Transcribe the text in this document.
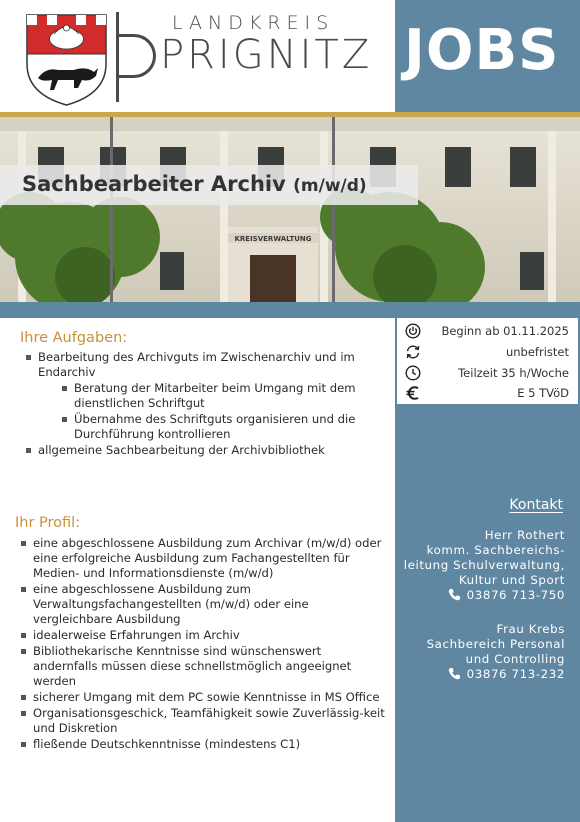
LANDKREIS
PRIGNITZ JOBS
KREISVERWALTUNG
Sachbearbeiter Archiv (m/w/d)
Beginn ab 01.11.2025
unbefristet
Teilzeit 35 h/Woche
E 5 TVöD
Ihre Aufgaben:
Bearbeitung des Archivguts im Zwischenarchiv und im Endarchiv
Beratung der Mitarbeiter beim Umgang mit dem dienstlichen Schriftgut
Übernahme des Schriftguts organisieren und die Durchführung kontrollieren
allgemeine Sachbearbeitung der Archivbibliothek
Ihr Profil:
eine abgeschlossene Ausbildung zum Archivar (m/w/d) oder eine erfolgreiche Ausbildung zum Fachangestellten für Medien- und Informationsdienste (m/w/d)
eine abgeschlossene Ausbildung zum Verwaltungsfachangestellten (m/w/d) oder eine vergleichbare Ausbildung
idealerweise Erfahrungen im Archiv
Bibliothekarische Kenntnisse sind wünschenswert andernfalls müssen diese schnellstmöglich angeeignet werden
sicherer Umgang mit dem PC sowie Kenntnisse in MS Office
Organisationsgeschick, Teamfähigkeit sowie Zuverlässig-keit und Diskretion
fließende Deutschkenntnisse (mindestens C1)
Kontakt
Herr Rothert
komm. Sachbereichs-
leitung Schulverwaltung,
Kultur und Sport
03876 713-750
Frau Krebs
Sachbereich Personal
und Controlling
03876 713-232
